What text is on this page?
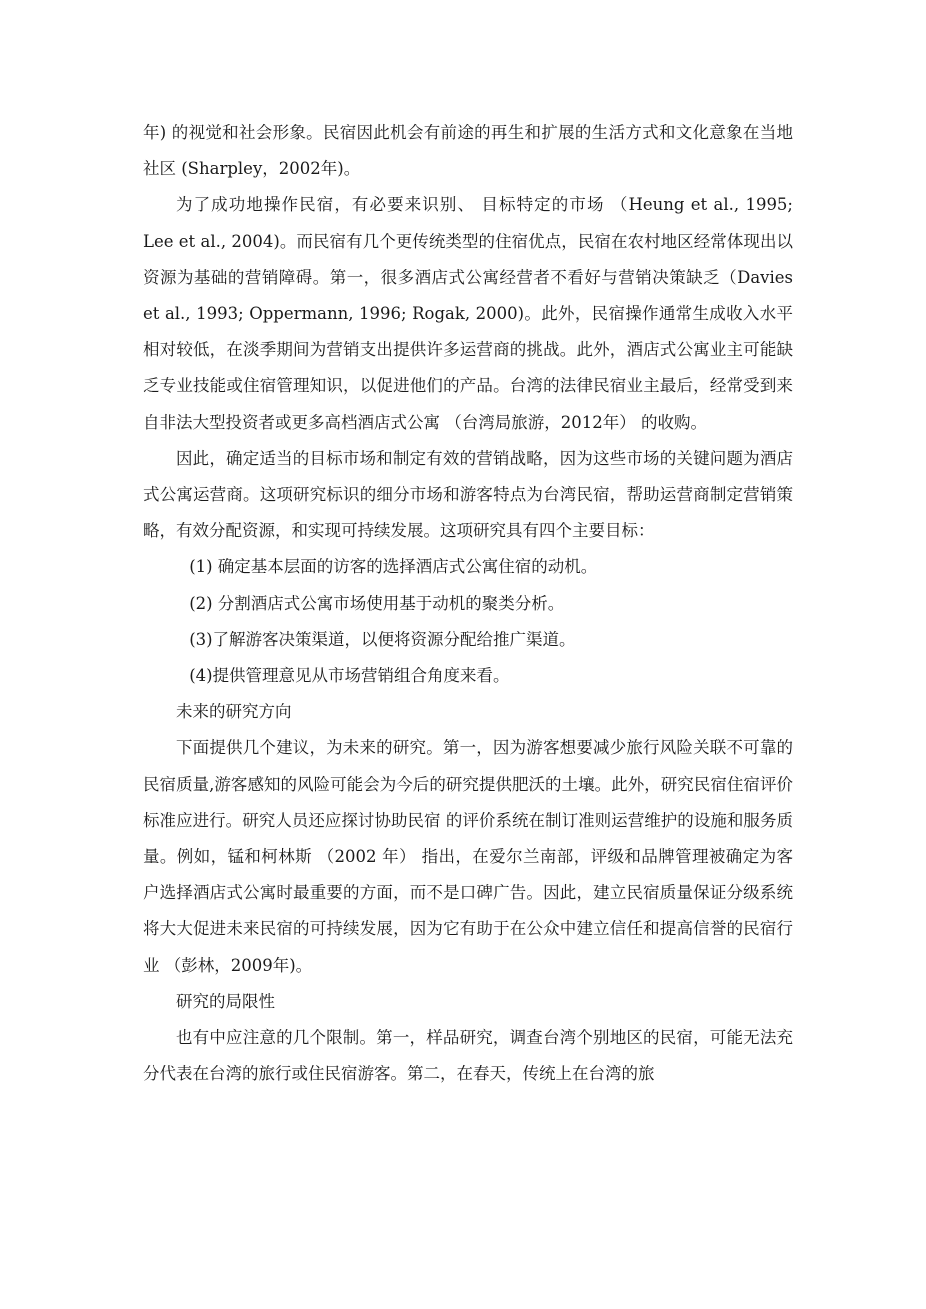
年) 的视觉和社会形象。民宿因此机会有前途的再生和扩展的生活方式和文化意象在当地社区 (Sharpley，2002年)。

为了成功地操作民宿，有必要来识别、 目标特定的市场 （Heung et al., 1995; Lee et al., 2004)。而民宿有几个更传统类型的住宿优点，民宿在农村地区经常体现出以资源为基础的营销障碍。第一，很多酒店式公寓经营者不看好与营销决策缺乏（Davies et al., 1993; Oppermann, 1996; Rogak, 2000)。此外，民宿操作通常生成收入水平相对较低，在淡季期间为营销支出提供许多运营商的挑战。此外，酒店式公寓业主可能缺乏专业技能或住宿管理知识，以促进他们的产品。台湾的法律民宿业主最后，经常受到来自非法大型投资者或更多高档酒店式公寓 （台湾局旅游，2012年） 的收购。

因此，确定适当的目标市场和制定有效的营销战略，因为这些市场的关键问题为酒店式公寓运营商。这项研究标识的细分市场和游客特点为台湾民宿，帮助运营商制定营销策略，有效分配资源，和实现可持续发展。这项研究具有四个主要目标：

(1) 确定基本层面的访客的选择酒店式公寓住宿的动机。

(2) 分割酒店式公寓市场使用基于动机的聚类分析。

(3)了解游客决策渠道，以便将资源分配给推广渠道。

(4)提供管理意见从市场营销组合角度来看。

未来的研究方向

下面提供几个建议，为未来的研究。第一，因为游客想要减少旅行风险关联不可靠的民宿质量,游客感知的风险可能会为今后的研究提供肥沃的土壤。此外，研究民宿住宿评价标准应进行。研究人员还应探讨协助民宿 的评价系统在制订准则运营维护的设施和服务质量。例如，锰和柯林斯 （2002 年） 指出，在爱尔兰南部，评级和品牌管理被确定为客户选择酒店式公寓时最重要的方面，而不是口碑广告。因此，建立民宿质量保证分级系统将大大促进未来民宿的可持续发展，因为它有助于在公众中建立信任和提高信誉的民宿行业 （彭林，2009年)。

研究的局限性

也有中应注意的几个限制。第一，样品研究，调查台湾个别地区的民宿，可能无法充分代表在台湾的旅行或住民宿游客。第二，在春天，传统上在台湾的旅
